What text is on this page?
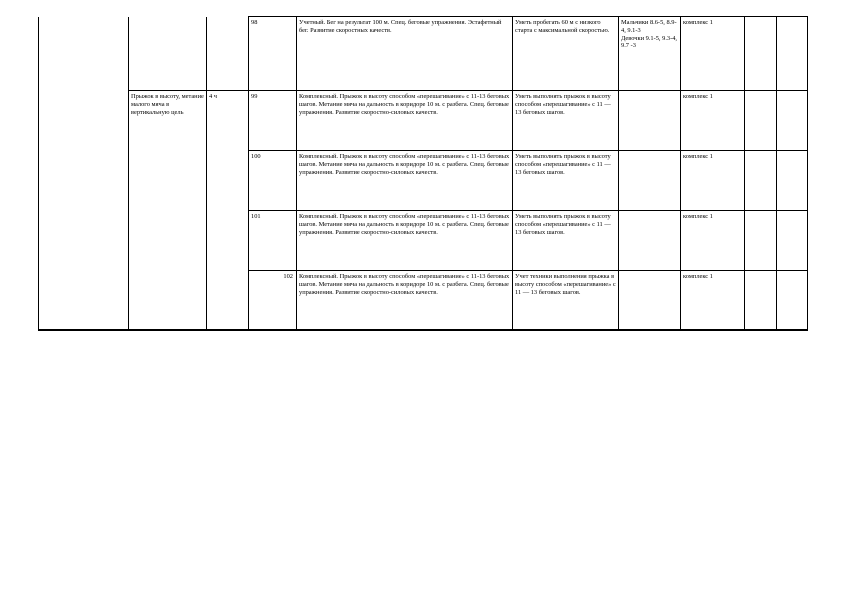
			98	Учетный. Бег на результат 100 м. Спец. беговые упражнения. Эстафетный бег. Развитие скоростных качеств.	Уметь пробегать 60 м с низкого старта с максимальной скоростью.	Мальчики 8.6-5, 8.9-4, 9.1-3
Девочки 9.1-5, 9.3-4, 9.7 -3	комплекс 1		
	Прыжок в высоту, метание малого мяча в вертикальную цель	4 ч	99	Комплексный. Прыжок в высоту способом «перешагивание» с 11-13 беговых шагов. Метание мяча на дальность в коридоре 10 м. с разбега. Спец. беговые упражнения. Развитие скоростно-силовых качеств.	Уметь выполнять прыжок в высоту способом «перешагивание» с 11 — 13 беговых шагов.		комплекс 1		
			100	Комплексный. Прыжок в высоту способом «перешагивание» с 11-13 беговых шагов. Метание мяча на дальность в коридоре 10 м. с разбега. Спец. беговые упражнения. Развитие скоростно-силовых качеств.	Уметь выполнять прыжок в высоту способом «перешагивание» с 11 — 13 беговых шагов.		комплекс 1		
			101	Комплексный. Прыжок в высоту способом «перешагивание» с 11-13 беговых шагов. Метание мяча на дальность в коридоре 10 м. с разбега. Спец. беговые упражнения. Развитие скоростно-силовых качеств.	Уметь выполнять прыжок в высоту способом «перешагивание» с 11 — 13 беговых шагов.		комплекс 1		
			102	Комплексный. Прыжок в высоту способом «перешагивание» с 11-13 беговых шагов. Метание мяча на дальность в коридоре 10 м. с разбега. Спец. беговые упражнения. Развитие скоростно-силовых качеств.	Учет техники выполнения прыжка в высоту способом «перешагивание» с 11 — 13 беговых шагов.		комплекс 1		
